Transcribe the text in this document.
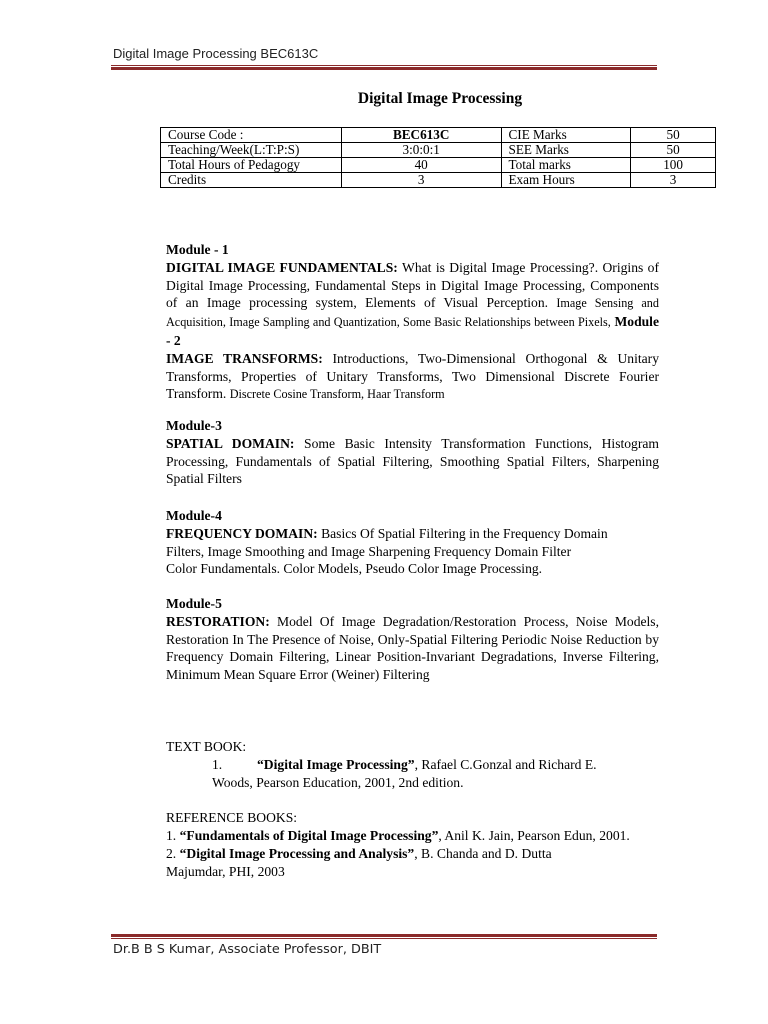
Digital Image Processing BEC613C
Digital Image Processing
Course Code :	BEC613C	CIE Marks	50
Teaching/Week(L:T:P:S)	3:0:0:1	SEE Marks	50
Total Hours of Pedagogy	40	Total marks	100
Credits	3	Exam Hours	3
Module - 1
DIGITAL IMAGE FUNDAMENTALS: What is Digital Image Processing?. Origins of Digital Image Processing, Fundamental Steps in Digital Image Processing, Components of an Image processing system, Elements of Visual Perception. Image Sensing and Acquisition, Image Sampling and Quantization, Some Basic Relationships between Pixels, Module - 2
IMAGE TRANSFORMS: Introductions, Two-Dimensional Orthogonal & Unitary Transforms, Properties of Unitary Transforms, Two Dimensional Discrete Fourier Transform. Discrete Cosine Transform, Haar Transform
Module-3
SPATIAL DOMAIN: Some Basic Intensity Transformation Functions, Histogram Processing, Fundamentals of Spatial Filtering, Smoothing Spatial Filters, Sharpening Spatial Filters
Module-4
FREQUENCY DOMAIN: Basics Of Spatial Filtering in the Frequency Domain
Filters, Image Smoothing and Image Sharpening Frequency Domain Filter
Color Fundamentals. Color Models, Pseudo Color Image Processing.
Module-5
RESTORATION: Model Of Image Degradation/Restoration Process, Noise Models, Restoration In The Presence of Noise, Only-Spatial Filtering Periodic Noise Reduction by Frequency Domain Filtering, Linear Position-Invariant Degradations, Inverse Filtering, Minimum Mean Square Error (Weiner) Filtering
TEXT BOOK:
1.	“Digital Image Processing”, Rafael C.Gonzal and Richard E.
Woods, Pearson Education, 2001, 2nd edition.
REFERENCE BOOKS:
1. “Fundamentals of Digital Image Processing”, Anil K. Jain, Pearson Edun, 2001.
2. “Digital Image Processing and Analysis”, B. Chanda and D. Dutta
Majumdar, PHI, 2003
Dr.B B S Kumar, Associate Professor, DBIT
